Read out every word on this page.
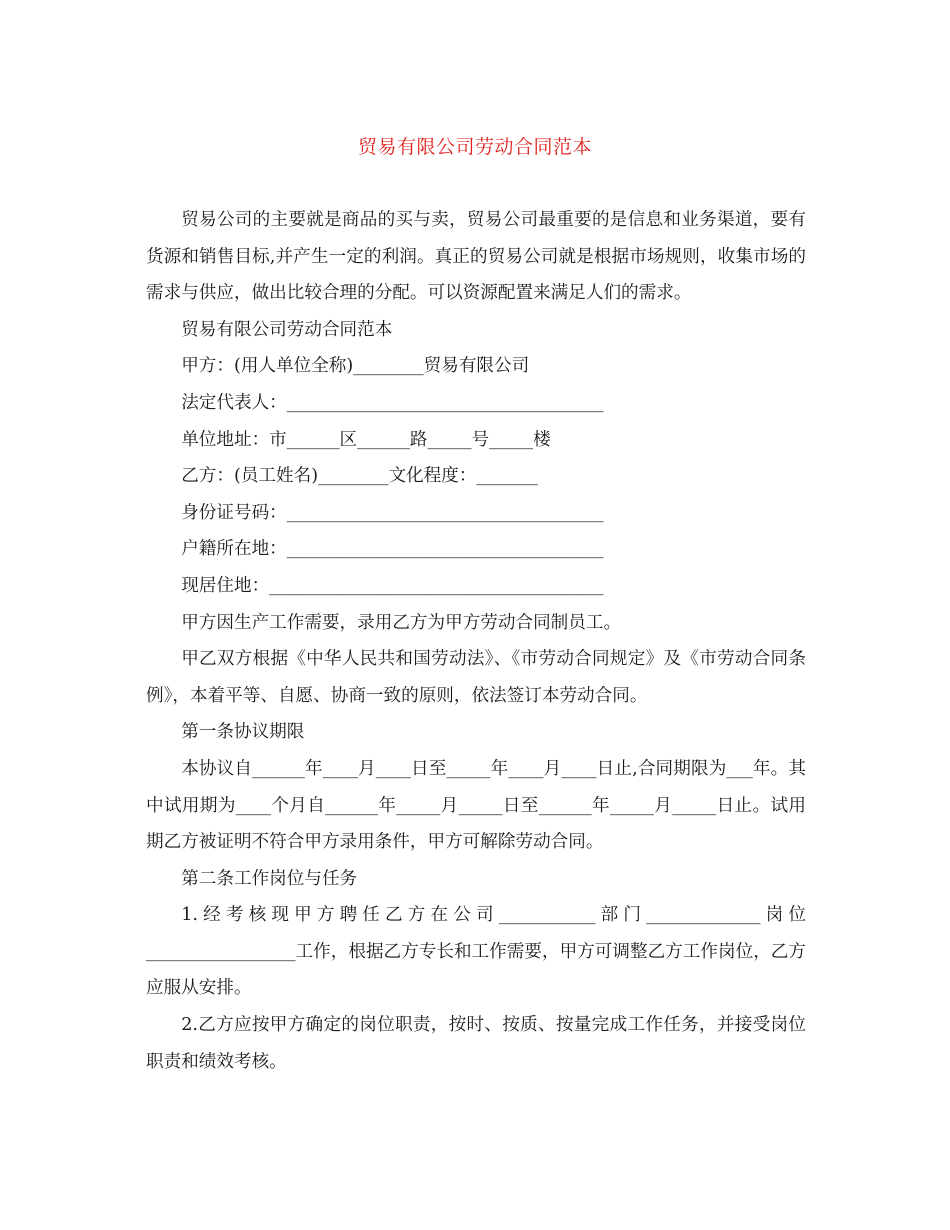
贸易有限公司劳动合同范本

贸易公司的主要就是商品的买与卖，贸易公司最重要的是信息和业务渠道，要有货源和销售目标,并产生一定的利润。真正的贸易公司就是根据市场规则，收集市场的需求与供应，做出比较合理的分配。可以资源配置来满足人们的需求。

贸易有限公司劳动合同范本

甲方：(用人单位全称)________贸易有限公司

法定代表人：____________________________________

单位地址：市______区______路_____号_____楼

乙方：(员工姓名)________文化程度：_______

身份证号码：____________________________________

户籍所在地：____________________________________

现居住地：______________________________________

甲方因生产工作需要，录用乙方为甲方劳动合同制员工。

甲乙双方根据《中华人民共和国劳动法》、《市劳动合同规定》及《市劳动合同条例》，本着平等、自愿、协商一致的原则，依法签订本劳动合同。

第一条协议期限

本协议自______年____月____日至_____年____月____日止,合同期限为___年。其中试用期为____个月自______年_____月_____日至______年_____月_____日止。试用期乙方被证明不符合甲方录用条件，甲方可解除劳动合同。

第二条工作岗位与任务

1.经考核现甲方聘任乙方在公司___________部门_____________岗位_________________工作，根据乙方专长和工作需要，甲方可调整乙方工作岗位，乙方应服从安排。

2.乙方应按甲方确定的岗位职责，按时、按质、按量完成工作任务，并接受岗位职责和绩效考核。
